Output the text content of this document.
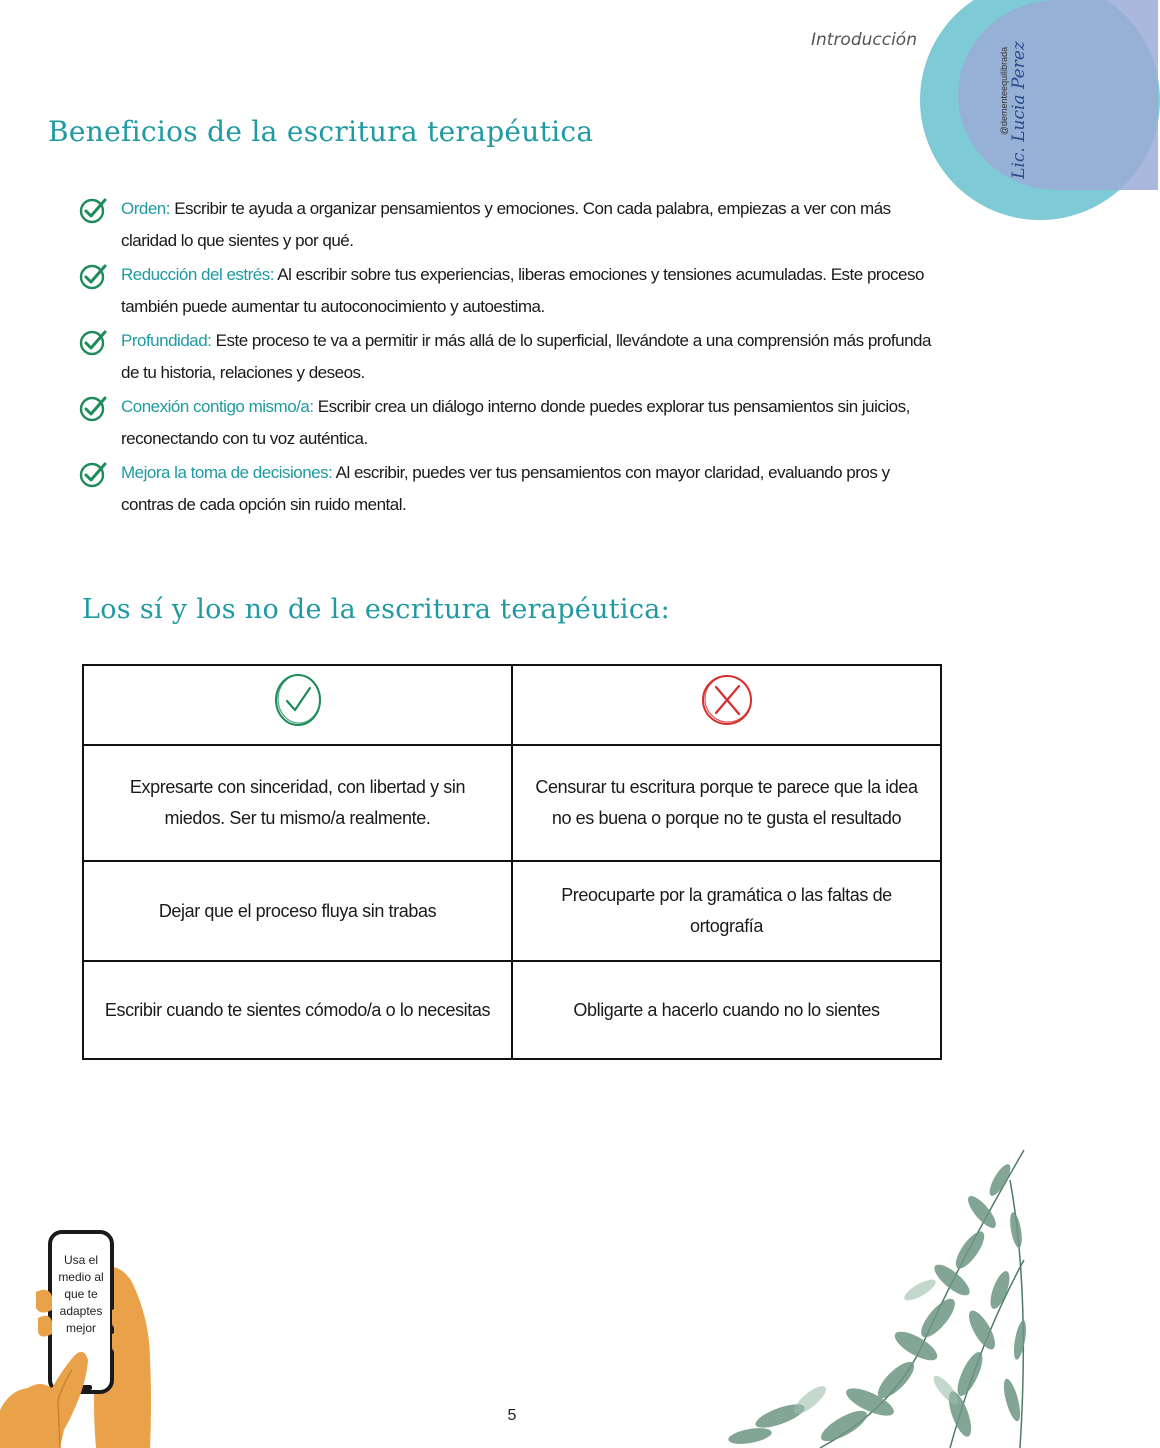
Introducción
Lic. Lucia Perez
@dementeequilibrada
Beneficios de la escritura terapéutica

Orden: Escribir te ayuda a organizar pensamientos y emociones. Con cada palabra, empiezas a ver con más claridad lo que sientes y por qué.

Reducción del estrés: Al escribir sobre tus experiencias, liberas emociones y tensiones acumuladas. Este proceso también puede aumentar tu autoconocimiento y autoestima.

Profundidad: Este proceso te va a permitir ir más allá de lo superficial, llevándote a una comprensión más profunda de tu historia, relaciones y deseos.

Conexión contigo mismo/a: Escribir crea un diálogo interno donde puedes explorar tus pensamientos sin juicios, reconectando con tu voz auténtica.

Mejora la toma de decisiones: Al escribir, puedes ver tus pensamientos con mayor claridad, evaluando pros y contras de cada opción sin ruido mental.

Los sí y los no de la escritura terapéutica:

Expresarte con sinceridad, con libertad y sin miedos. Ser tu mismo/a realmente.	Censurar tu escritura porque te parece que la idea no es buena o porque no te gusta el resultado
Dejar que el proceso fluya sin trabas	Preocuparte por la gramática o las faltas de ortografía
Escribir cuando te sientes cómodo/a o lo necesitas	Obligarte a hacerlo cuando no lo sientes
Usa el medio al que te adaptes mejor
5
